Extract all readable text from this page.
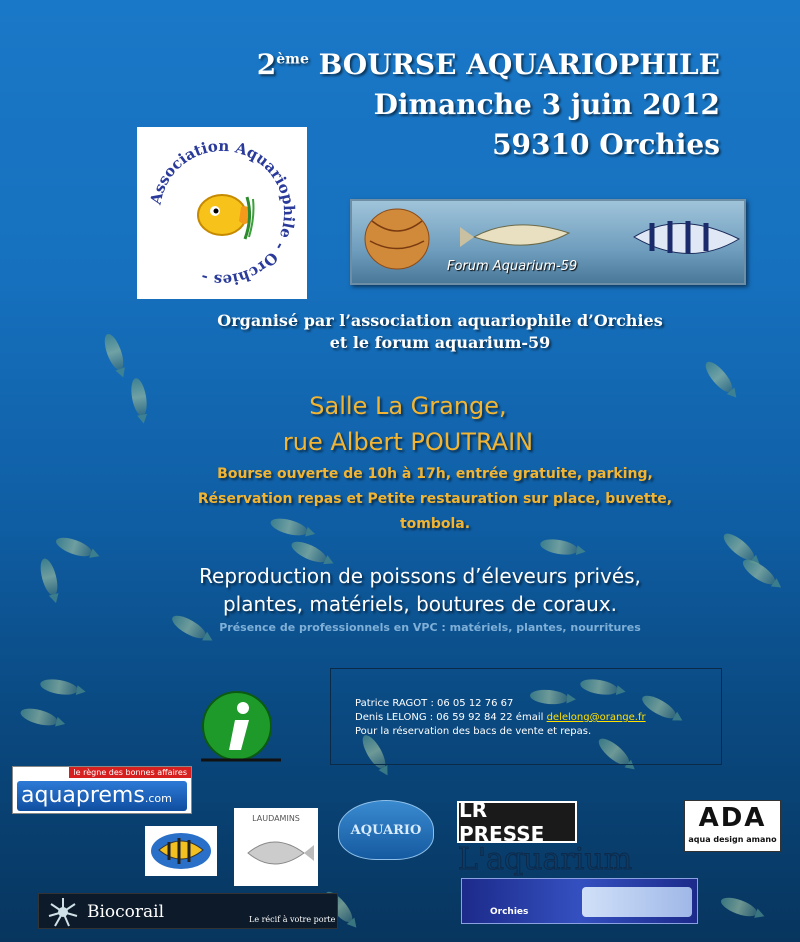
2ème BOURSE AQUARIOPHILE
Dimanche 3 juin 2012
59310 Orchies
Association Aquariophile - Orchies -
Forum Aquarium-59
Organisé par l’association aquariophile d’Orchies
et le forum aquarium-59
Salle La Grange,
rue Albert POUTRAIN
Bourse ouverte de 10h à 17h, entrée gratuite, parking,
Réservation repas et Petite restauration sur place, buvette,
tombola.
Reproduction de poissons d’éleveurs privés,
plantes, matériels, boutures de coraux.
Présence de professionnels en VPC : matériels, plantes, nourritures
Patrice RAGOT : 06 05 12 76 67
Denis LELONG : 06 59 92 84 22 émail delelong@orange.fr
Pour la réservation des bacs de vente et repas.
le règne des bonnes affaires
aquaprems.com
LAUDAMINS
AQUARIO
LR PRESSE
L'aquarium
ADA
aqua design amano
Biocorail	Le récif à votre porte
Orchies
